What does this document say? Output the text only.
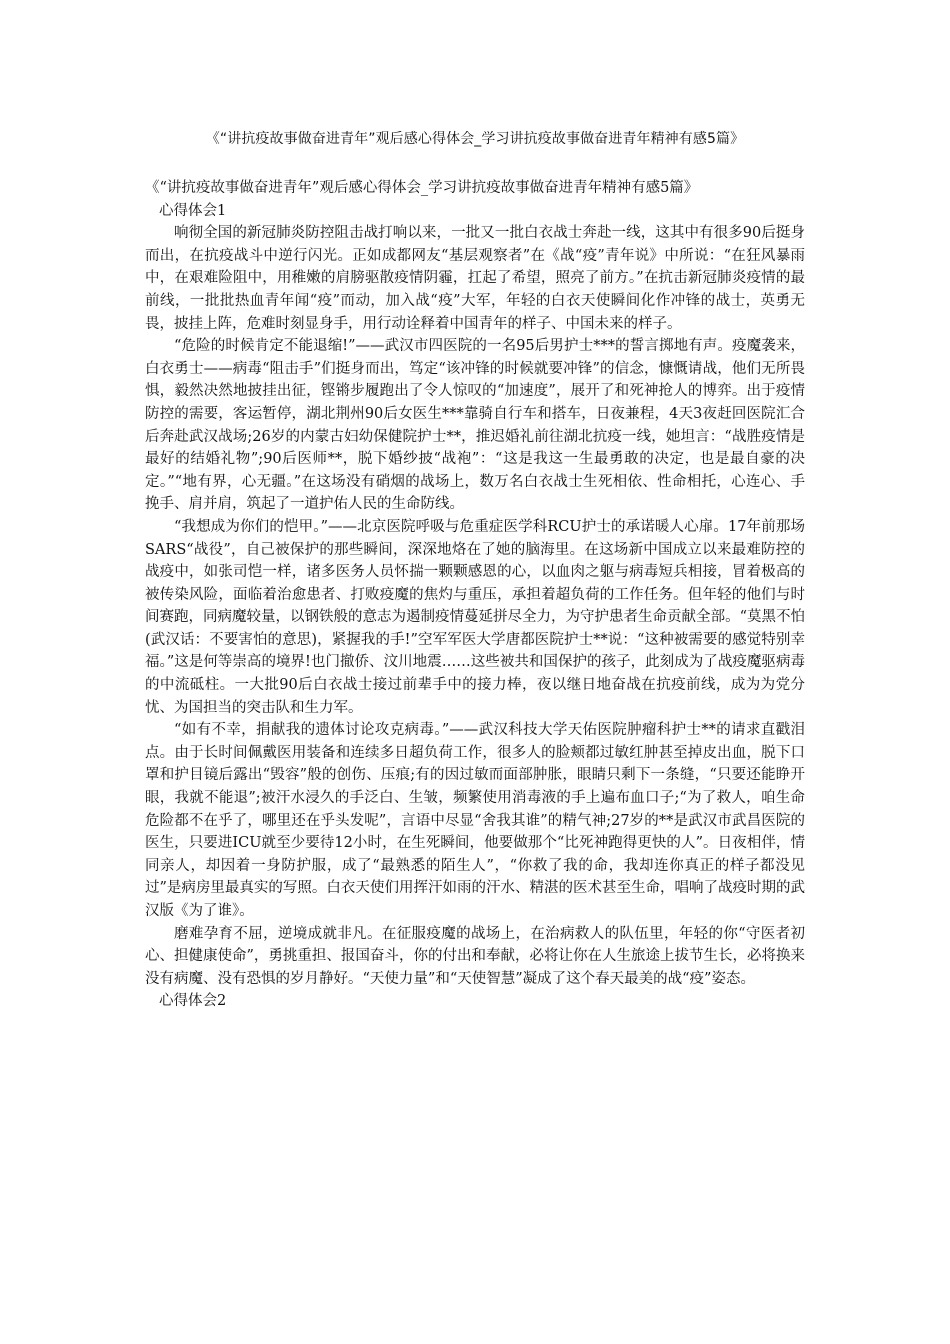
《“讲抗疫故事做奋进青年”观后感心得体会_学习讲抗疫故事做奋进青年精神有感5篇》
《“讲抗疫故事做奋进青年”观后感心得体会_学习讲抗疫故事做奋进青年精神有感5篇》

心得体会1

响彻全国的新冠肺炎防控阻击战打响以来，一批又一批白衣战士奔赴一线，这其中有很多90后挺身而出，在抗疫战斗中逆行闪光。正如成都网友“基层观察者”在《战“疫”青年说》中所说：“在狂风暴雨中，在艰难险阻中，用稚嫩的肩膀驱散疫情阴霾，扛起了希望，照亮了前方。”在抗击新冠肺炎疫情的最前线，一批批热血青年闻“疫”而动，加入战“疫”大军，年轻的白衣天使瞬间化作冲锋的战士，英勇无畏，披挂上阵，危难时刻显身手，用行动诠释着中国青年的样子、中国未来的样子。

“危险的时候肯定不能退缩!”——武汉市四医院的一名95后男护士***的誓言掷地有声。疫魔袭来，白衣勇士——病毒“阻击手”们挺身而出，笃定“该冲锋的时候就要冲锋”的信念，慷慨请战，他们无所畏惧，毅然决然地披挂出征，铿锵步履跑出了令人惊叹的“加速度”，展开了和死神抢人的博弈。出于疫情防控的需要，客运暂停，湖北荆州90后女医生***靠骑自行车和搭车，日夜兼程，4天3夜赶回医院汇合后奔赴武汉战场;26岁的内蒙古妇幼保健院护士**，推迟婚礼前往湖北抗疫一线，她坦言：“战胜疫情是最好的结婚礼物”;90后医师**，脱下婚纱披“战袍”：“这是我这一生最勇敢的决定，也是最自豪的决定。”“地有界，心无疆。”在这场没有硝烟的战场上，数万名白衣战士生死相依、性命相托，心连心、手挽手、肩并肩，筑起了一道护佑人民的生命防线。

“我想成为你们的恺甲。”——北京医院呼吸与危重症医学科RCU护士的承诺暖人心扉。17年前那场SARS“战役”，自己被保护的那些瞬间，深深地烙在了她的脑海里。在这场新中国成立以来最难防控的战疫中，如张司恺一样，诸多医务人员怀揣一颗颗感恩的心，以血肉之躯与病毒短兵相接，冒着极高的被传染风险，面临着治愈患者、打败疫魔的焦灼与重压，承担着超负荷的工作任务。但年轻的他们与时间赛跑，同病魔较量，以钢铁般的意志为遏制疫情蔓延拼尽全力，为守护患者生命贡献全部。“莫黑不怕(武汉话：不要害怕的意思)，紧握我的手!”空军军医大学唐都医院护士**说：“这种被需要的感觉特别幸福。”这是何等崇高的境界!也门撤侨、汶川地震……这些被共和国保护的孩子，此刻成为了战疫魔驱病毒的中流砥柱。一大批90后白衣战士接过前辈手中的接力棒，夜以继日地奋战在抗疫前线，成为为党分忧、为国担当的突击队和生力军。

“如有不幸，捐献我的遗体讨论攻克病毒。”——武汉科技大学天佑医院肿瘤科护士**的请求直戳泪点。由于长时间佩戴医用装备和连续多日超负荷工作，很多人的脸颊都过敏红肿甚至掉皮出血，脱下口罩和护目镜后露出“毁容”般的创伤、压痕;有的因过敏而面部肿胀，眼睛只剩下一条缝，“只要还能睁开眼，我就不能退”;被汗水浸久的手泛白、生皱，频繁使用消毒液的手上遍布血口子;“为了救人，咱生命危险都不在乎了，哪里还在乎头发呢”，言语中尽显“舍我其谁”的精气神;27岁的**是武汉市武昌医院的医生，只要进ICU就至少要待12小时，在生死瞬间，他要做那个“比死神跑得更快的人”。日夜相伴，情同亲人，却因着一身防护服，成了“最熟悉的陌生人”，“你救了我的命，我却连你真正的样子都没见过”是病房里最真实的写照。白衣天使们用挥汗如雨的汗水、精湛的医术甚至生命，唱响了战疫时期的武汉版《为了谁》。

磨难孕育不屈，逆境成就非凡。在征服疫魔的战场上，在治病救人的队伍里，年轻的你“守医者初心、担健康使命”，勇挑重担、报国奋斗，你的付出和奉献，必将让你在人生旅途上拔节生长，必将换来没有病魔、没有恐惧的岁月静好。“天使力量”和“天使智慧”凝成了这个春天最美的战“疫”姿态。

心得体会2
